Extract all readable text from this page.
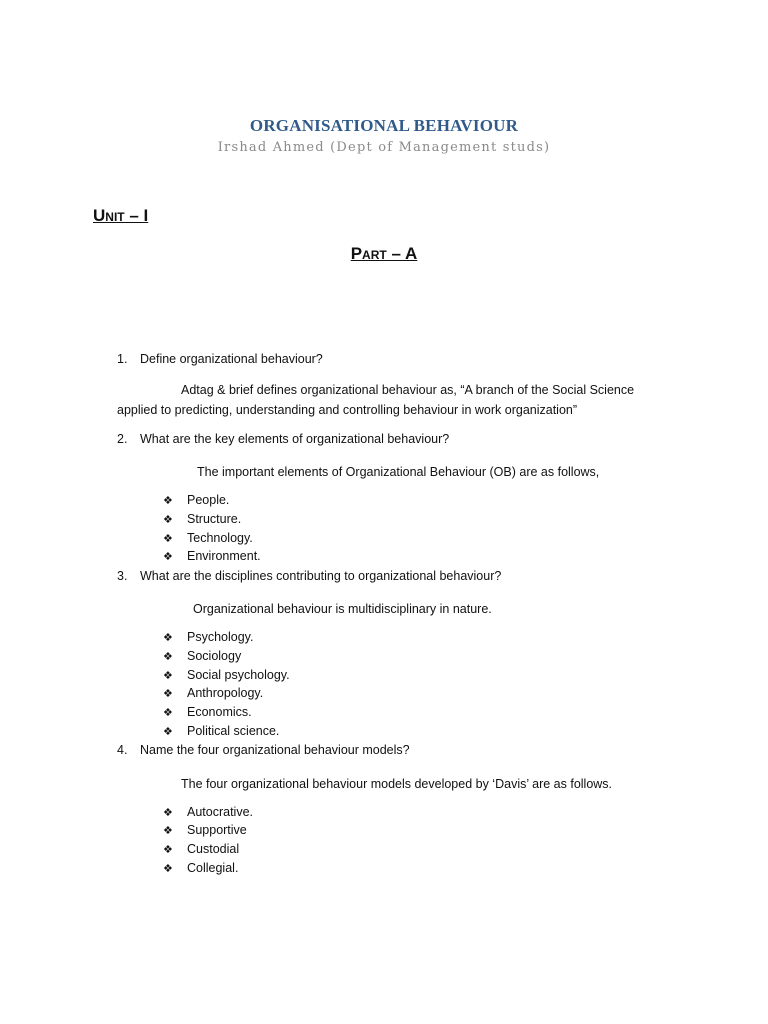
ORGANISATIONAL BEHAVIOUR
Irshad Ahmed (Dept of Management studs)
Unit – I
Part – A
1. Define organizational behaviour?
Adtag & brief defines organizational behaviour as, “A branch of the Social Science
applied to predicting, understanding and controlling behaviour in work organization”
2. What are the key elements of organizational behaviour?
The important elements of Organizational Behaviour (OB) are as follows,
❖ People.
❖ Structure.
❖ Technology.
❖ Environment.
3. What are the disciplines contributing to organizational behaviour?
Organizational behaviour is multidisciplinary in nature.
❖ Psychology.
❖ Sociology
❖ Social psychology.
❖ Anthropology.
❖ Economics.
❖ Political science.
4. Name the four organizational behaviour models?
The four organizational behaviour models developed by ‘Davis’ are as follows.
❖ Autocrative.
❖ Supportive
❖ Custodial
❖ Collegial.
